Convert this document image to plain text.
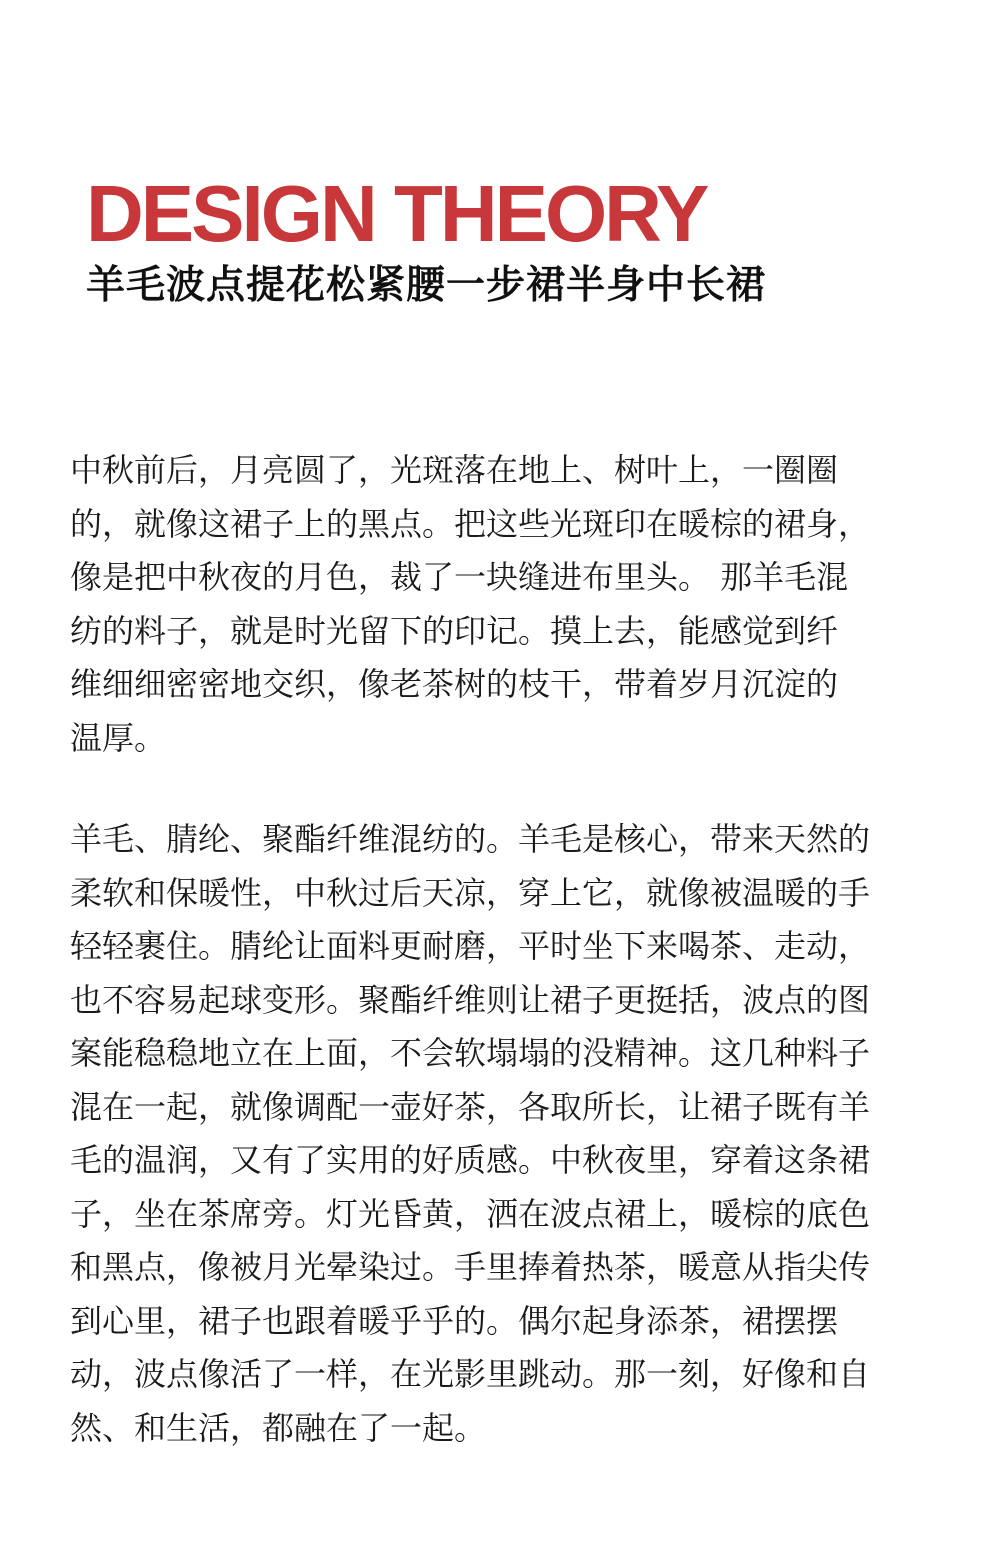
DESIGN THEORY
羊毛波点提花松紧腰一步裙半身中长裙
中秋前后，月亮圆了，光斑落在地上、树叶上，一圈圈
的，就像这裙子上的黑点。把这些光斑印在暖棕的裙身，
像是把中秋夜的月色，裁了一块缝进布里头。 那羊毛混
纺的料子，就是时光留下的印记。摸上去，能感觉到纤
维细细密密地交织，像老茶树的枝干，带着岁月沉淀的
温厚。
羊毛、腈纶、聚酯纤维混纺的。羊毛是核心，带来天然的
柔软和保暖性，中秋过后天凉，穿上它，就像被温暖的手
轻轻裹住。腈纶让面料更耐磨，平时坐下来喝茶、走动，
也不容易起球变形。聚酯纤维则让裙子更挺括，波点的图
案能稳稳地立在上面，不会软塌塌的没精神。这几种料子
混在一起，就像调配一壶好茶，各取所长，让裙子既有羊
毛的温润，又有了实用的好质感。中秋夜里，穿着这条裙
子，坐在茶席旁。灯光昏黄，洒在波点裙上，暖棕的底色
和黑点，像被月光晕染过。手里捧着热茶，暖意从指尖传
到心里，裙子也跟着暖乎乎的。偶尔起身添茶，裙摆摆
动，波点像活了一样，在光影里跳动。那一刻，好像和自
然、和生活，都融在了一起。
